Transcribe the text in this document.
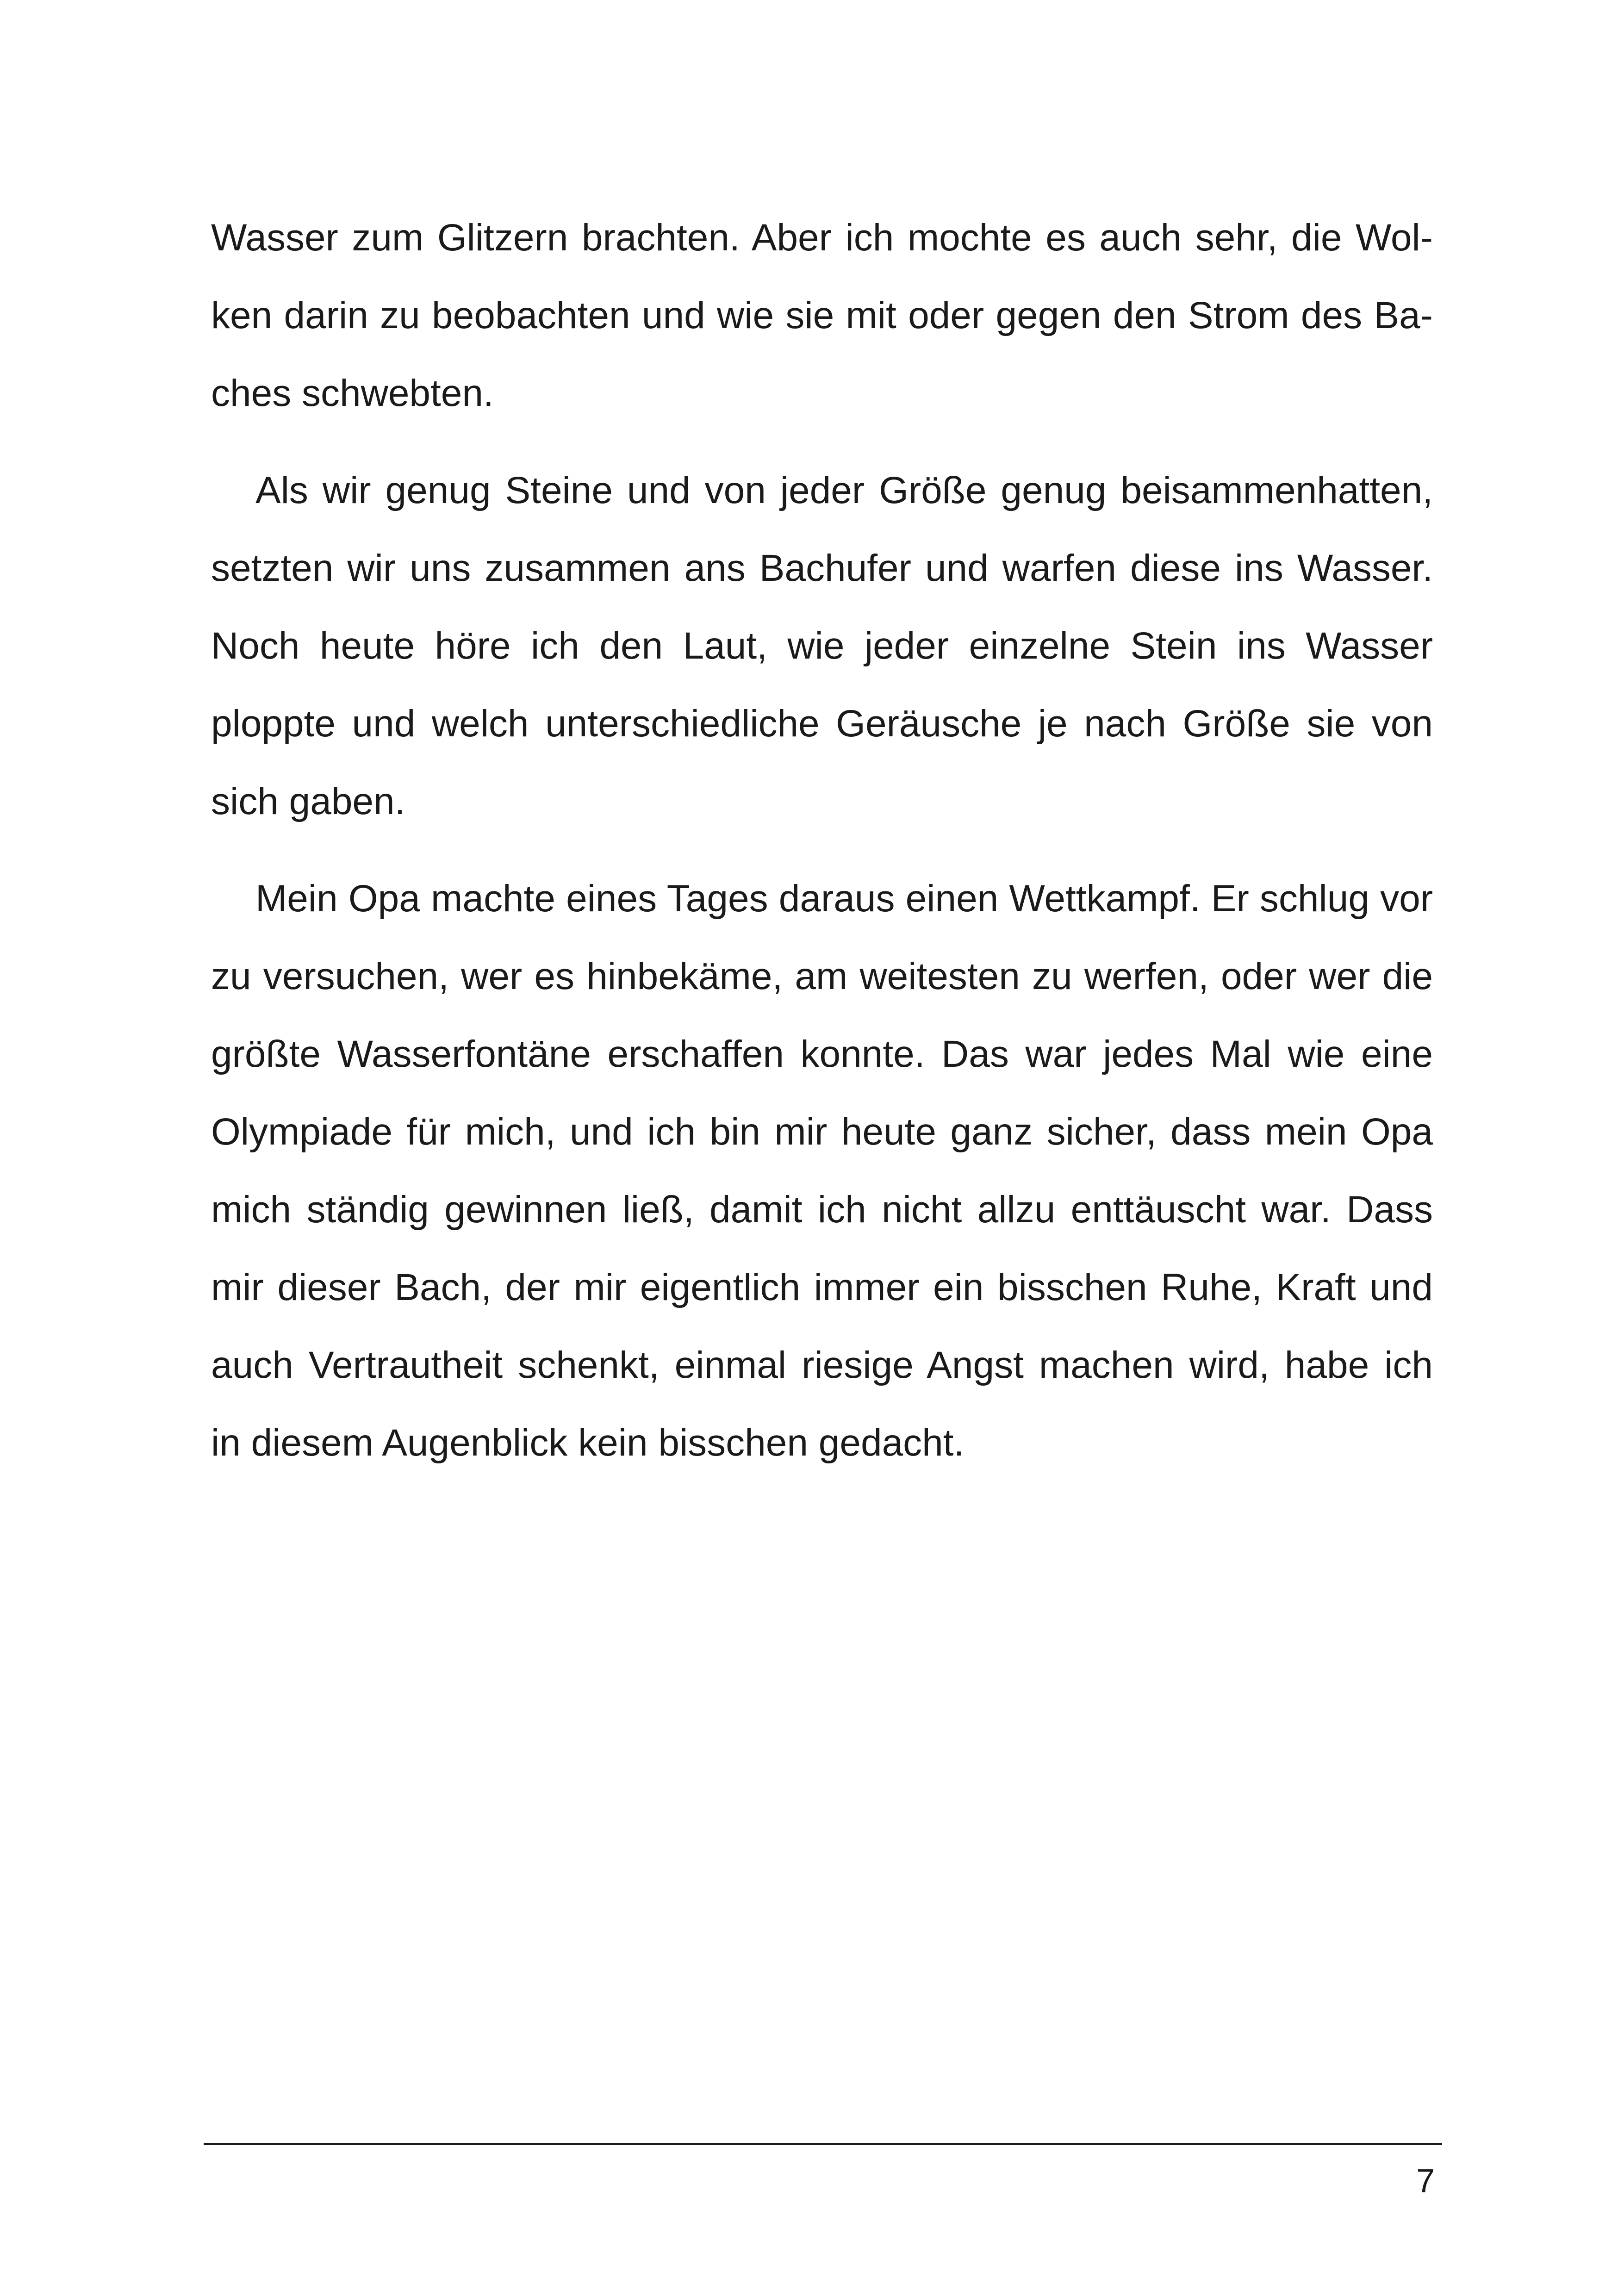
Wasser zum Glitzern brachten. Aber ich mochte es auch sehr, die Wol-
ken darin zu beobachten und wie sie mit oder gegen den Strom des Ba-
ches schwebten.
Als wir genug Steine und von jeder Größe genug beisammenhatten,
setzten wir uns zusammen ans Bachufer und warfen diese ins Wasser.
Noch heute höre ich den Laut, wie jeder einzelne Stein ins Wasser
ploppte und welch unterschiedliche Geräusche je nach Größe sie von
sich gaben.
Mein Opa machte eines Tages daraus einen Wettkampf. Er schlug vor
zu versuchen, wer es hinbekäme, am weitesten zu werfen, oder wer die
größte Wasserfontäne erschaffen konnte. Das war jedes Mal wie eine
Olympiade für mich, und ich bin mir heute ganz sicher, dass mein Opa
mich ständig gewinnen ließ, damit ich nicht allzu enttäuscht war. Dass
mir dieser Bach, der mir eigentlich immer ein bisschen Ruhe, Kraft und
auch Vertrautheit schenkt, einmal riesige Angst machen wird, habe ich
in diesem Augenblick kein bisschen gedacht.
7
